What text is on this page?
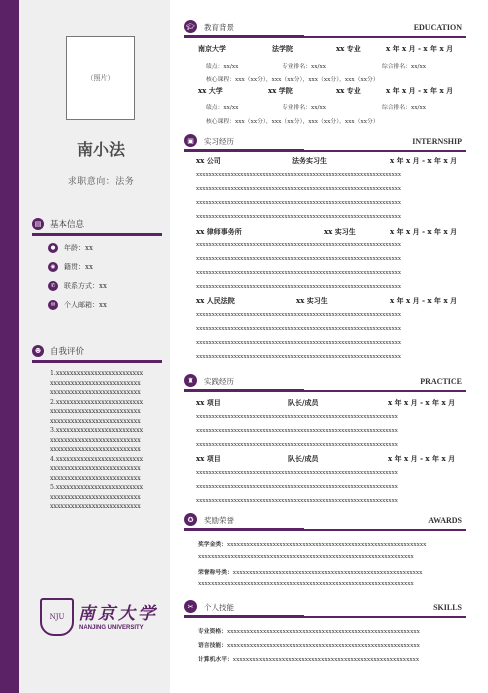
（照片）
南小法
求职意向：法务
▤	基本信息
●	年龄：xx
◉	籍贯：xx
✆	联系方式：xx
✉	个人邮箱：xx
☻	自我评价
1.xxxxxxxxxxxxxxxxxxxxxxxxx
xxxxxxxxxxxxxxxxxxxxxxxxxx
xxxxxxxxxxxxxxxxxxxxxxxxxx
2.xxxxxxxxxxxxxxxxxxxxxxxxx
xxxxxxxxxxxxxxxxxxxxxxxxxx
xxxxxxxxxxxxxxxxxxxxxxxxxx
3.xxxxxxxxxxxxxxxxxxxxxxxxx
xxxxxxxxxxxxxxxxxxxxxxxxxx
xxxxxxxxxxxxxxxxxxxxxxxxxx
4.xxxxxxxxxxxxxxxxxxxxxxxxx
xxxxxxxxxxxxxxxxxxxxxxxxxx
xxxxxxxxxxxxxxxxxxxxxxxxxx
5.xxxxxxxxxxxxxxxxxxxxxxxxx
xxxxxxxxxxxxxxxxxxxxxxxxxx
xxxxxxxxxxxxxxxxxxxxxxxxxx
NJU 南京大学
NANJING UNIVERSITY
🎓︎ 教育背景	EDUCATION
南京大学	法学院	xx 专业	x 年 x 月 - x 年 x 月
绩点：xx/xx	专业排名：xx/xx	综合排名：xx/xx
核心课程：xxx（xx分），xxx（xx分），xxx（xx分），xxx（xx分）
xx 大学	xx 学院	xx 专业	x 年 x 月 - x 年 x 月
绩点：xx/xx	专业排名：xx/xx	综合排名：xx/xx
核心课程：xxx（xx分），xxx（xx分），xxx（xx分），xxx（xx分）
▣	实习经历	INTERNSHIP
xx 公司	法务实习生	x 年 x 月 - x 年 x 月
xxxxxxxxxxxxxxxxxxxxxxxxxxxxxxxxxxxxxxxxxxxxxxxxxxxxxxxxxxxxxxxxx
xxxxxxxxxxxxxxxxxxxxxxxxxxxxxxxxxxxxxxxxxxxxxxxxxxxxxxxxxxxxxxxxx
xxxxxxxxxxxxxxxxxxxxxxxxxxxxxxxxxxxxxxxxxxxxxxxxxxxxxxxxxxxxxxxxx
xxxxxxxxxxxxxxxxxxxxxxxxxxxxxxxxxxxxxxxxxxxxxxxxxxxxxxxxxxxxxxxxx
xx 律师事务所	xx 实习生	x 年 x 月 - x 年 x 月
xxxxxxxxxxxxxxxxxxxxxxxxxxxxxxxxxxxxxxxxxxxxxxxxxxxxxxxxxxxxxxxxx
xxxxxxxxxxxxxxxxxxxxxxxxxxxxxxxxxxxxxxxxxxxxxxxxxxxxxxxxxxxxxxxxx
xxxxxxxxxxxxxxxxxxxxxxxxxxxxxxxxxxxxxxxxxxxxxxxxxxxxxxxxxxxxxxxxx
xxxxxxxxxxxxxxxxxxxxxxxxxxxxxxxxxxxxxxxxxxxxxxxxxxxxxxxxxxxxxxxxx
xx 人民法院	xx 实习生	x 年 x 月 - x 年 x 月
xxxxxxxxxxxxxxxxxxxxxxxxxxxxxxxxxxxxxxxxxxxxxxxxxxxxxxxxxxxxxxxxx
xxxxxxxxxxxxxxxxxxxxxxxxxxxxxxxxxxxxxxxxxxxxxxxxxxxxxxxxxxxxxxxxx
xxxxxxxxxxxxxxxxxxxxxxxxxxxxxxxxxxxxxxxxxxxxxxxxxxxxxxxxxxxxxxxxx
xxxxxxxxxxxxxxxxxxxxxxxxxxxxxxxxxxxxxxxxxxxxxxxxxxxxxxxxxxxxxxxxx
♜	实践经历	PRACTICE
xx 项目	队长/成员	x 年 x 月 - x 年 x 月
xxxxxxxxxxxxxxxxxxxxxxxxxxxxxxxxxxxxxxxxxxxxxxxxxxxxxxxxxxxxxxxx
xxxxxxxxxxxxxxxxxxxxxxxxxxxxxxxxxxxxxxxxxxxxxxxxxxxxxxxxxxxxxxxx
xxxxxxxxxxxxxxxxxxxxxxxxxxxxxxxxxxxxxxxxxxxxxxxxxxxxxxxxxxxxxxxx
xx 项目	队长/成员	x 年 x 月 - x 年 x 月
xxxxxxxxxxxxxxxxxxxxxxxxxxxxxxxxxxxxxxxxxxxxxxxxxxxxxxxxxxxxxxxx
xxxxxxxxxxxxxxxxxxxxxxxxxxxxxxxxxxxxxxxxxxxxxxxxxxxxxxxxxxxxxxxx
xxxxxxxxxxxxxxxxxxxxxxxxxxxxxxxxxxxxxxxxxxxxxxxxxxxxxxxxxxxxxxxx
✪	奖励荣誉	AWARDS
奖学金类：xxxxxxxxxxxxxxxxxxxxxxxxxxxxxxxxxxxxxxxxxxxxxxxxxxxxxxxxxxxxx
xxxxxxxxxxxxxxxxxxxxxxxxxxxxxxxxxxxxxxxxxxxxxxxxxxxxxxxxxxxxxxxxxx
荣誉称号类：xxxxxxxxxxxxxxxxxxxxxxxxxxxxxxxxxxxxxxxxxxxxxxxxxxxxxxxxxx
xxxxxxxxxxxxxxxxxxxxxxxxxxxxxxxxxxxxxxxxxxxxxxxxxxxxxxxxxxxxxxxxxx
✂	个人技能	SKILLS
专业资格：xxxxxxxxxxxxxxxxxxxxxxxxxxxxxxxxxxxxxxxxxxxxxxxxxxxxxxxxxxx
语言技能：xxxxxxxxxxxxxxxxxxxxxxxxxxxxxxxxxxxxxxxxxxxxxxxxxxxxxxxxxxx
计算机水平：xxxxxxxxxxxxxxxxxxxxxxxxxxxxxxxxxxxxxxxxxxxxxxxxxxxxxxxxx
